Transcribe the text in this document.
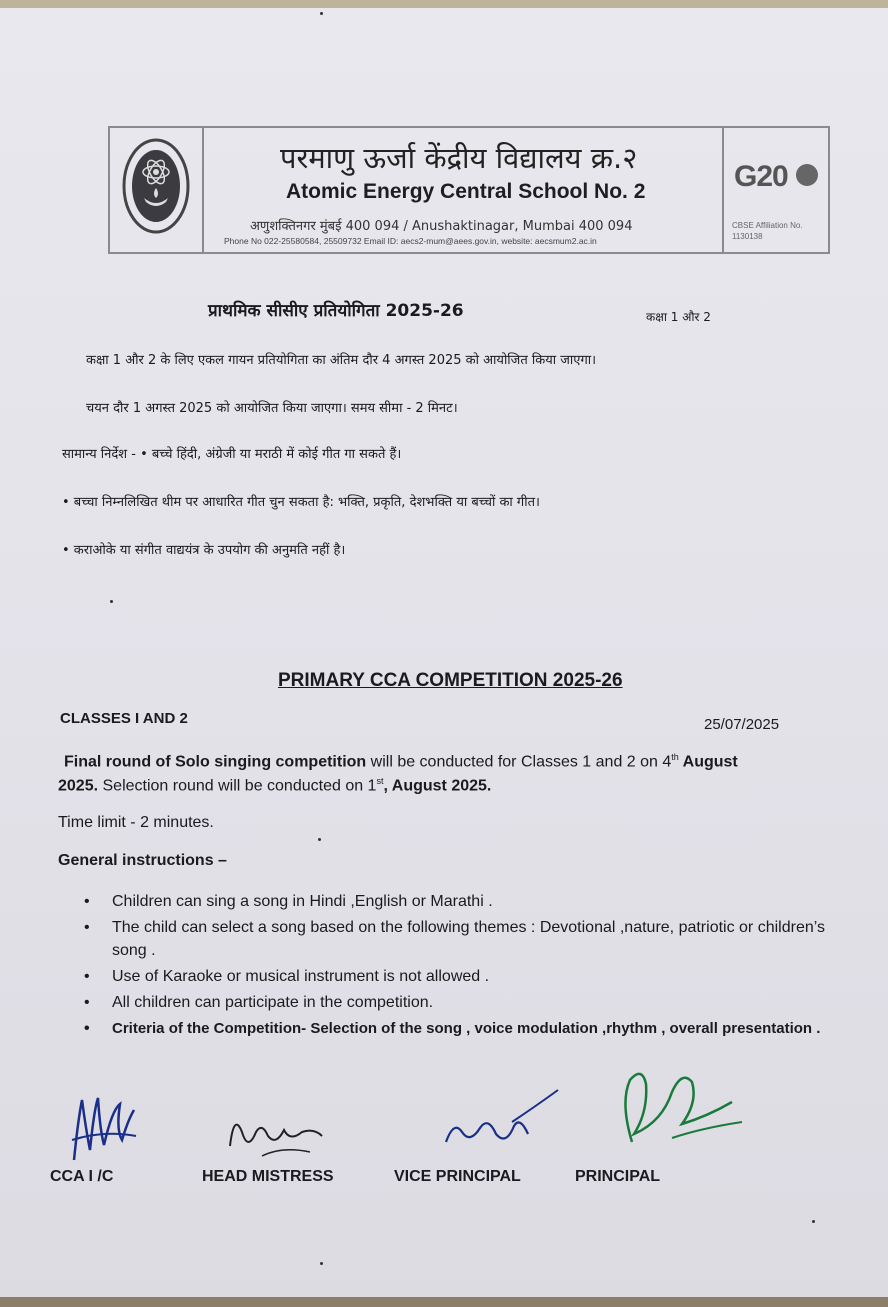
परमाणु ऊर्जा केंद्रीय विद्यालय क्र.२
Atomic Energy Central School No. 2
अणुशक्तिनगर मुंबई 400 094 / Anushaktinagar, Mumbai 400 094
Phone No 022-25580584, 25509732 Email ID: aecs2-mum@aees.gov.in, website: aecsmum2.ac.in
G20
CBSE Affiliation No. 1130138
प्राथमिक सीसीए प्रतियोगिता 2025-26	कक्षा 1 और 2
कक्षा 1 और 2 के लिए एकल गायन प्रतियोगिता का अंतिम दौर 4 अगस्त 2025 को आयोजित किया जाएगा।
चयन दौर 1 अगस्त 2025 को आयोजित किया जाएगा। समय सीमा - 2 मिनट।
सामान्य निर्देश - • बच्चे हिंदी, अंग्रेजी या मराठी में कोई गीत गा सकते हैं।
• बच्चा निम्नलिखित थीम पर आधारित गीत चुन सकता है: भक्ति, प्रकृति, देशभक्ति या बच्चों का गीत।
• कराओके या संगीत वाद्ययंत्र के उपयोग की अनुमति नहीं है।
PRIMARY CCA COMPETITION 2025-26
CLASSES I AND 2	25/07/2025
Final round of Solo singing competition will be conducted for Classes 1 and 2 on 4th August
2025. Selection round will be conducted on 1st, August 2025.
Time limit - 2 minutes.
General instructions –
• Children can sing a song in Hindi ,English or Marathi .
• The child can select a song based on the following themes : Devotional ,nature, patriotic or children’s song .
• Use of Karaoke or musical instrument is not allowed .
• All children can participate in the competition.
• Criteria of the Competition- Selection of the song , voice modulation ,rhythm , overall presentation .
CCA I /C	HEAD MISTRESS	VICE PRINCIPAL	PRINCIPAL
